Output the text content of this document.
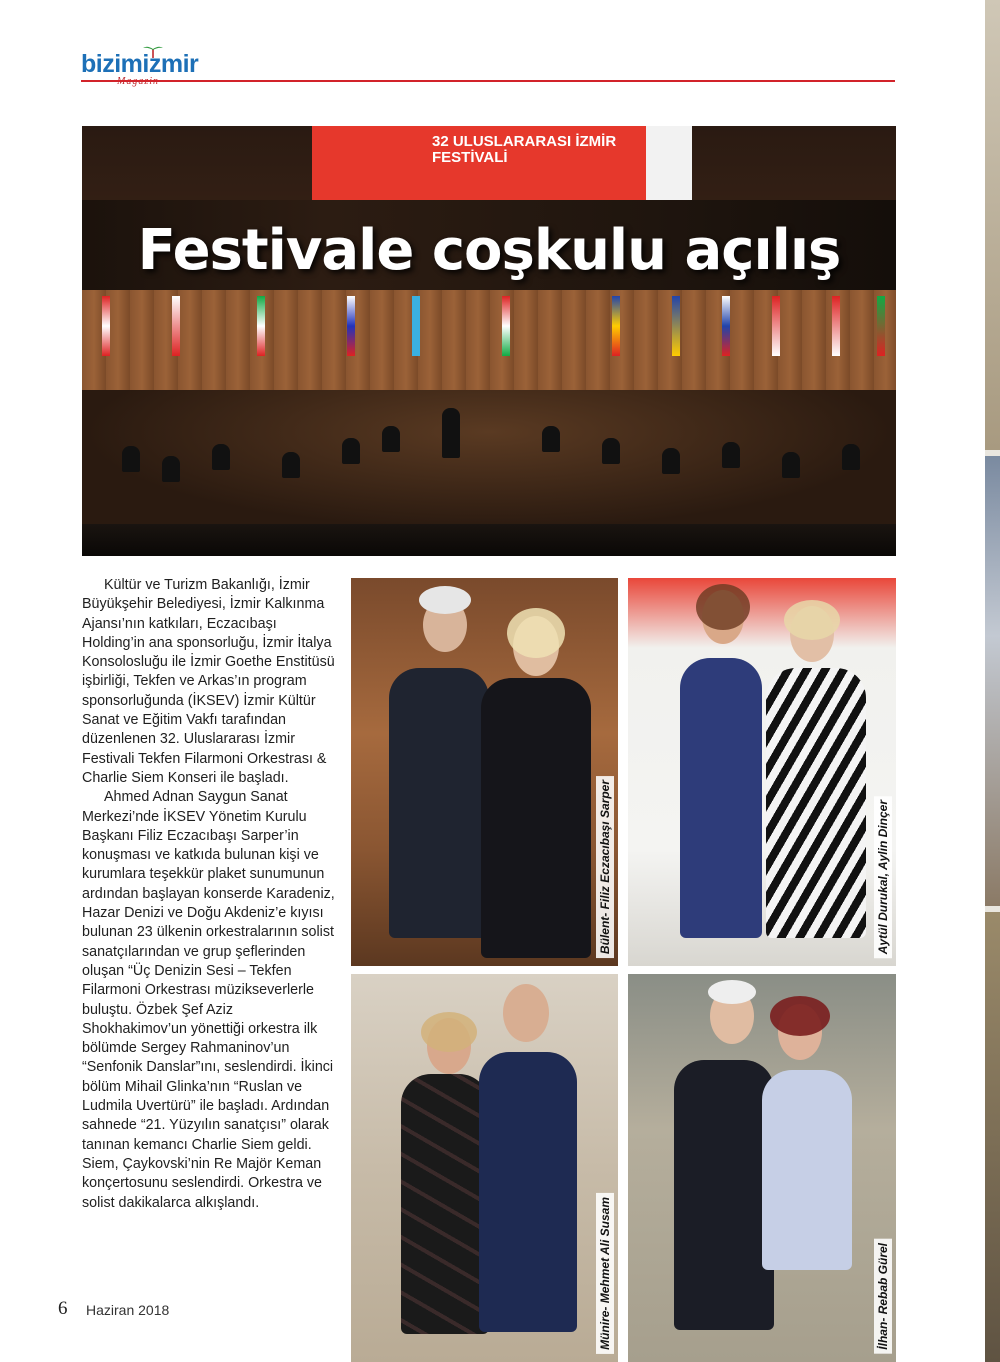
bizimizmir
32 ULUSLARARASI İZMİR FESTİVALİ
Festivale coşkulu açılış

Kültür ve Turizm Bakanlığı, İzmir Büyükşehir Belediyesi, İzmir Kalkınma Ajansı’nın katkıları, Eczacıbaşı Holding’in ana sponsorluğu, İzmir İtalya Konsolosluğu ile İzmir Goethe Enstitüsü işbirliği, Tekfen ve Arkas’ın program sponsorluğunda (İKSEV) İzmir Kültür Sanat ve Eğitim Vakfı tarafından düzenlenen 32. Uluslararası İzmir Festivali Tekfen Filarmoni Orkestrası & Charlie Siem Konseri ile başladı.

Ahmed Adnan Saygun Sanat Merkezi’nde İKSEV Yönetim Kurulu Başkanı Filiz Eczacıbaşı Sarper’in konuşması ve katkıda bulunan kişi ve kurumlara teşekkür plaket sunumunun ardından başlayan konserde Karadeniz, Hazar Denizi ve Doğu Akdeniz’e kıyısı bulunan 23 ülkenin orkestralarının solist sanatçılarından ve grup şeflerinden oluşan “Üç Denizin Sesi – Tekfen Filarmoni Orkestrası müzikseverlerle buluştu. Özbek Şef Aziz Shokhakimov’un yönettiği orkestra ilk bölümde Sergey Rahmaninov’un “Senfonik Danslar”ını, seslendirdi. İkinci bölüm Mihail Glinka’nın “Ruslan ve Ludmila Uvertürü” ile başladı. Ardından sahnede “21. Yüzyılın sanatçısı” olarak tanınan kemancı Charlie Siem geldi. Siem, Çaykovski’nin Re Majör Keman konçertosunu seslendirdi. Orkestra ve solist dakikalarca alkışlandı.

Bülent- Filiz Eczacıbaşı Sarper	Aytül Durukal, Aylin Dinçer
Münire- Mehmet Ali Susam	İlhan- Rebab Gürel
6 Haziran 2018
